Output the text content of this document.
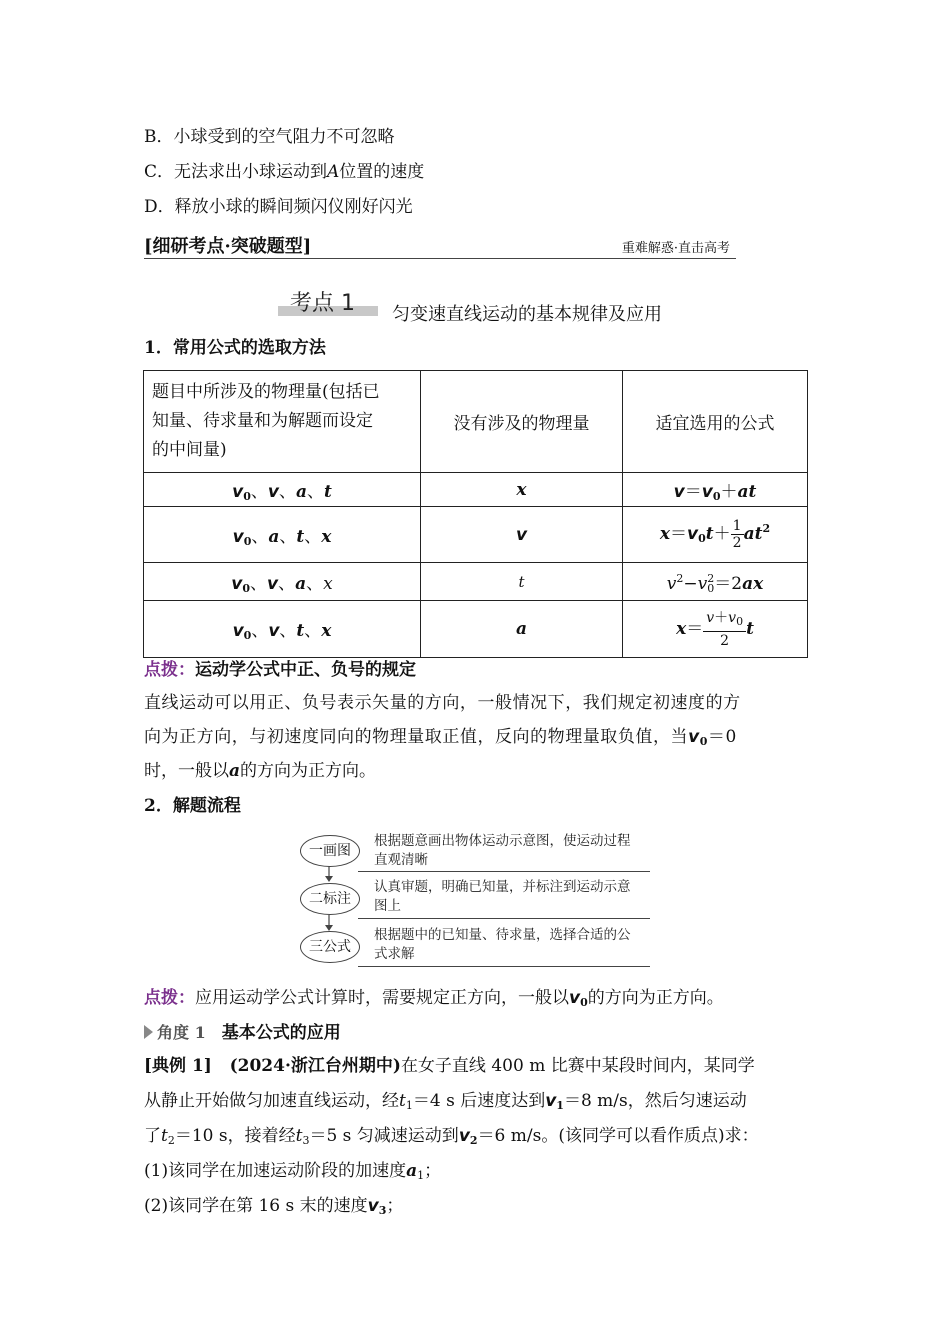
B．小球受到的空气阻力不可忽略
C．无法求出小球运动到A位置的速度
D．释放小球的瞬间频闪仪刚好闪光
[细研考点·突破题型]	重难解惑·直击高考
考点 1 匀变速直线运动的基本规律及应用
1．常用公式的选取方法
题目中所涉及的物理量(包括已
知量、待求量和为解题而设定
的中间量)	没有涉及的物理量	适宜选用的公式
$v_0$、v、a、t	x	$v=v_0+at$
$v_0$、a、t、x	v	$x=v_0t+ \frac{1}{2} at^2$
$v_0$、v、a、x	t	$v^2-v^2_0=2ax$
$v_0$、v、t、x	a	$x= \frac{v+v_0}{2}$ t
点拨：运动学公式中正、负号的规定
直线运动可以用正、负号表示矢量的方向，一般情况下，我们规定初速度的方
向为正方向，与初速度同向的物理量取正值，反向的物理量取负值，当$v_0=0$
时，一般以a的方向为正方向。
2．解题流程
一画图
根据题意画出物体运动示意图，使运动过程
直观清晰
二标注
认真审题，明确已知量，并标注到运动示意
图上
三公式
根据题中的已知量、待求量，选择合适的公
式求解
点拨：应用运动学公式计算时，需要规定正方向，一般以$v_0$的方向为正方向。
角度 1 基本公式的应用
[典例 1] (2024·浙江台州期中)在女子直线 400 m 比赛中某段时间内，某同学
从静止开始做匀加速直线运动，经$t_1=4$ s 后速度达到$v_1=8$ m/s，然后匀速运动
了$t_2=10$ s，接着经$t_3=5$ s 匀减速运动到$v_2=6$ m/s。(该同学可以看作质点)求：
(1)该同学在加速运动阶段的加速度$a_1$；
(2)该同学在第 16 s 末的速度$v_3$；
